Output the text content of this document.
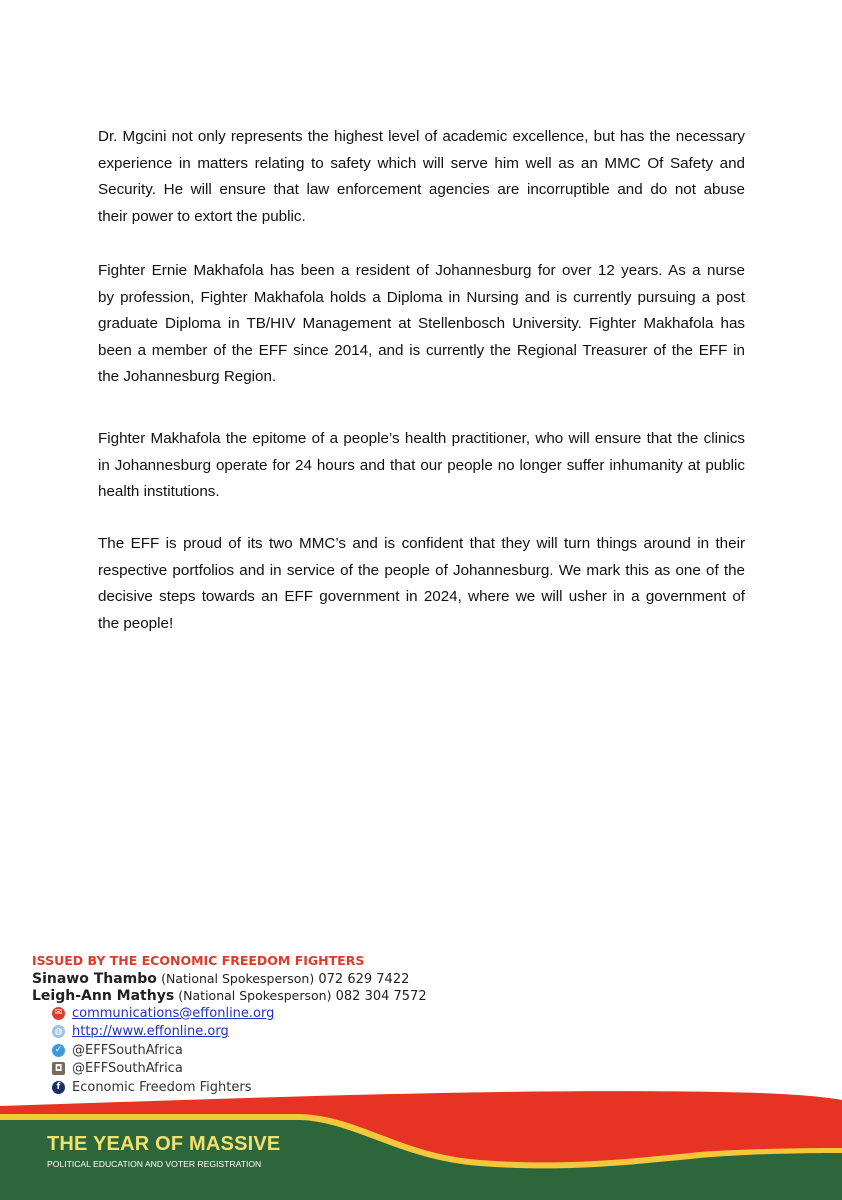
Dr. Mgcini not only represents the highest level of academic excellence, but has the necessary
experience in matters relating to safety which will serve him well as an MMC Of Safety and
Security. He will ensure that law enforcement agencies are incorruptible and do not abuse
their power to extort the public.
Fighter Ernie Makhafola has been a resident of Johannesburg for over 12 years. As a nurse
by profession, Fighter Makhafola holds a Diploma in Nursing and is currently pursuing a post
graduate Diploma in TB/HIV Management at Stellenbosch University. Fighter Makhafola has
been a member of the EFF since 2014, and is currently the Regional Treasurer of the EFF in
the Johannesburg Region.
Fighter Makhafola the epitome of a people’s health practitioner, who will ensure that the clinics
in Johannesburg operate for 24 hours and that our people no longer suffer inhumanity at public
health institutions.
The EFF is proud of its two MMC’s and is confident that they will turn things around in their
respective portfolios and in service of the people of Johannesburg. We mark this as one of the
decisive steps towards an EFF government in 2024, where we will usher in a government of
the people!
ISSUED BY THE ECONOMIC FREEDOM FIGHTERS
Sinawo Thambo (National Spokesperson) 072 629 7422
Leigh-Ann Mathys (National Spokesperson) 082 304 7572
✉ communications@effonline.org
◍ http://www.effonline.org
✓ @EFFSouthAfrica
◘ @EFFSouthAfrica
f Economic Freedom Fighters
THE YEAR OF MASSIVE
POLITICAL EDUCATION AND VOTER REGISTRATION
